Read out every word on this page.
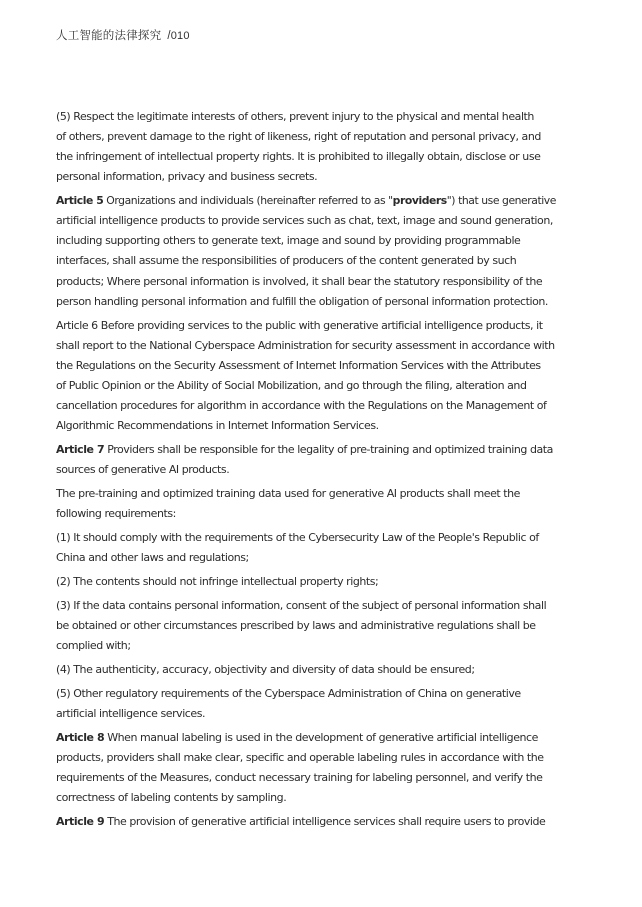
人工智能的法律探究 /010
(5) Respect the legitimate interests of others, prevent injury to the physical and mental health
of others, prevent damage to the right of likeness, right of reputation and personal privacy, and
the infringement of intellectual property rights. It is prohibited to illegally obtain, disclose or use
personal information, privacy and business secrets.
Article 5 Organizations and individuals (hereinafter referred to as "providers") that use generative
artificial intelligence products to provide services such as chat, text, image and sound generation,
including supporting others to generate text, image and sound by providing programmable
interfaces, shall assume the responsibilities of producers of the content generated by such
products; Where personal information is involved, it shall bear the statutory responsibility of the
person handling personal information and fulfill the obligation of personal information protection.
Article 6 Before providing services to the public with generative artificial intelligence products, it
shall report to the National Cyberspace Administration for security assessment in accordance with
the Regulations on the Security Assessment of Internet Information Services with the Attributes
of Public Opinion or the Ability of Social Mobilization, and go through the filing, alteration and
cancellation procedures for algorithm in accordance with the Regulations on the Management of
Algorithmic Recommendations in Internet Information Services.
Article 7 Providers shall be responsible for the legality of pre-training and optimized training data
sources of generative AI products.
The pre-training and optimized training data used for generative AI products shall meet the
following requirements:
(1) It should comply with the requirements of the Cybersecurity Law of the People's Republic of
China and other laws and regulations;
(2) The contents should not infringe intellectual property rights;
(3) If the data contains personal information, consent of the subject of personal information shall
be obtained or other circumstances prescribed by laws and administrative regulations shall be
complied with;
(4) The authenticity, accuracy, objectivity and diversity of data should be ensured;
(5) Other regulatory requirements of the Cyberspace Administration of China on generative
artificial intelligence services.
Article 8 When manual labeling is used in the development of generative artificial intelligence
products, providers shall make clear, specific and operable labeling rules in accordance with the
requirements of the Measures, conduct necessary training for labeling personnel, and verify the
correctness of labeling contents by sampling.
Article 9 The provision of generative artificial intelligence services shall require users to provide
